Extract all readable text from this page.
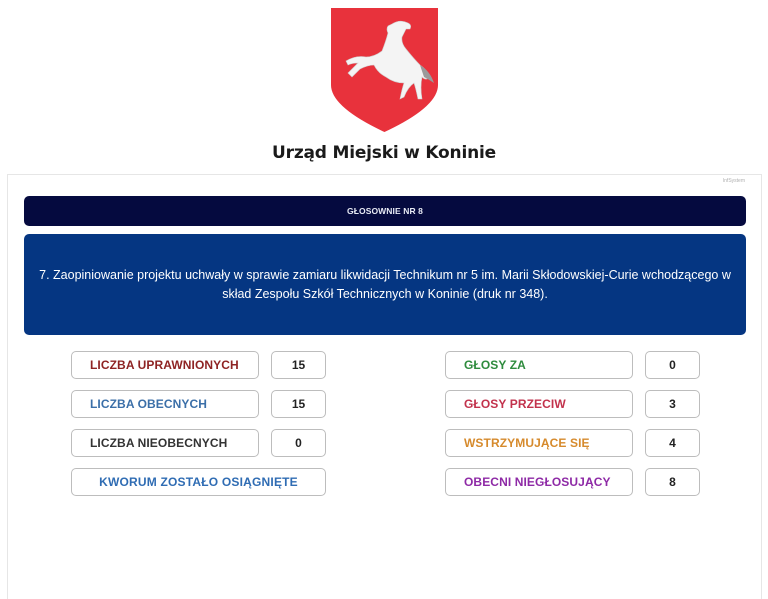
Urząd Miejski w Koninie
InfSystem
GŁOSOWNIE NR 8
7. Zaopiniowanie projektu uchwały w sprawie zamiaru likwidacji Technikum nr 5 im. Marii Skłodowskiej-Curie wchodzącego w skład Zespołu Szkół Technicznych w Koninie (druk nr 348).
LICZBA UPRAWNIONYCH	15
LICZBA OBECNYCH	15
LICZBA NIEOBECNYCH	0
KWORUM ZOSTAŁO OSIĄGNIĘTE
GŁOSY ZA	0
GŁOSY PRZECIW	3
WSTRZYMUJĄCE SIĘ	4
OBECNI NIEGŁOSUJĄCY	8
